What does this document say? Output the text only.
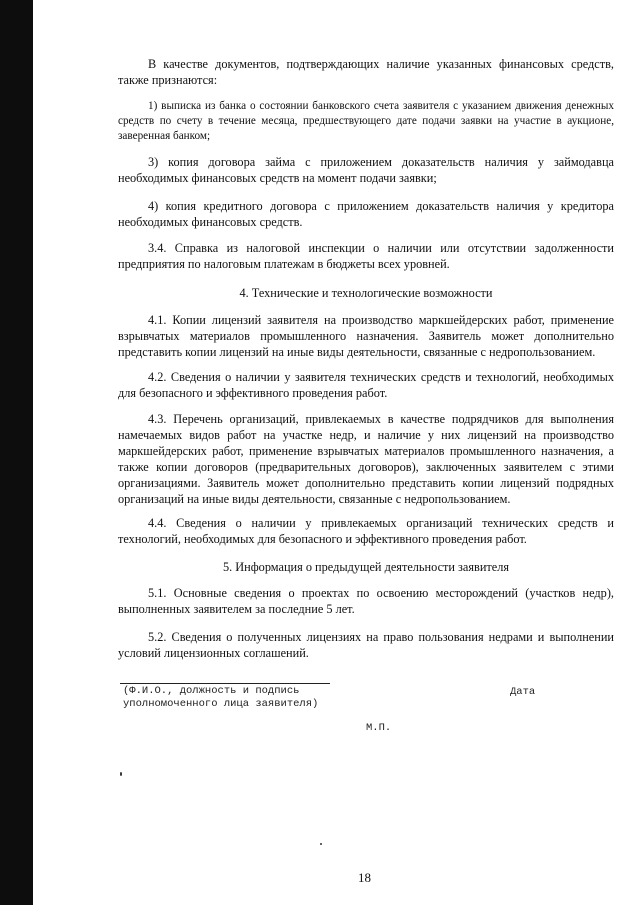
В качестве документов, подтверждающих наличие указанных финансовых средств, также признаются:

1) выписка из банка о состоянии банковского счета заявителя с указанием движения денежных средств по счету в течение месяца, предшествующего дате подачи заявки на участие в аукционе, заверенная банком;

3) копия договора займа с приложением доказательств наличия у займодавца необходимых финансовых средств на момент подачи заявки;

4) копия кредитного договора с приложением доказательств наличия у кредитора необходимых финансовых средств.

3.4. Справка из налоговой инспекции о наличии или отсутствии задолженности предприятия по налоговым платежам в бюджеты всех уровней.

4. Технические и технологические возможности

4.1. Копии лицензий заявителя на производство маркшейдерских работ, применение взрывчатых материалов промышленного назначения. Заявитель может дополнительно представить копии лицензий на иные виды деятельности, связанные с недропользованием.

4.2. Сведения о наличии у заявителя технических средств и технологий, необходимых для безопасного и эффективного проведения работ.

4.3. Перечень организаций, привлекаемых в качестве подрядчиков для выполнения намечаемых видов работ на участке недр, и наличие у них лицензий на производство маркшейдерских работ, применение взрывчатых материалов промышленного назначения, а также копии договоров (предварительных договоров), заключенных заявителем с этими организациями. Заявитель может дополнительно представить копии лицензий подрядных организаций на иные виды деятельности, связанные с недропользованием.

4.4. Сведения о наличии у привлекаемых организаций технических средств и технологий, необходимых для безопасного и эффективного проведения работ.

5. Информация о предыдущей деятельности заявителя

5.1. Основные сведения о проектах по освоению месторождений (участков недр), выполненных заявителем за последние 5 лет.

5.2. Сведения о полученных лицензиях на право пользования недрами и выполнении условий лицензионных соглашений.

(Ф.И.О., должность и подпись
уполномоченного лица заявителя)
Дата
М.П.
18
